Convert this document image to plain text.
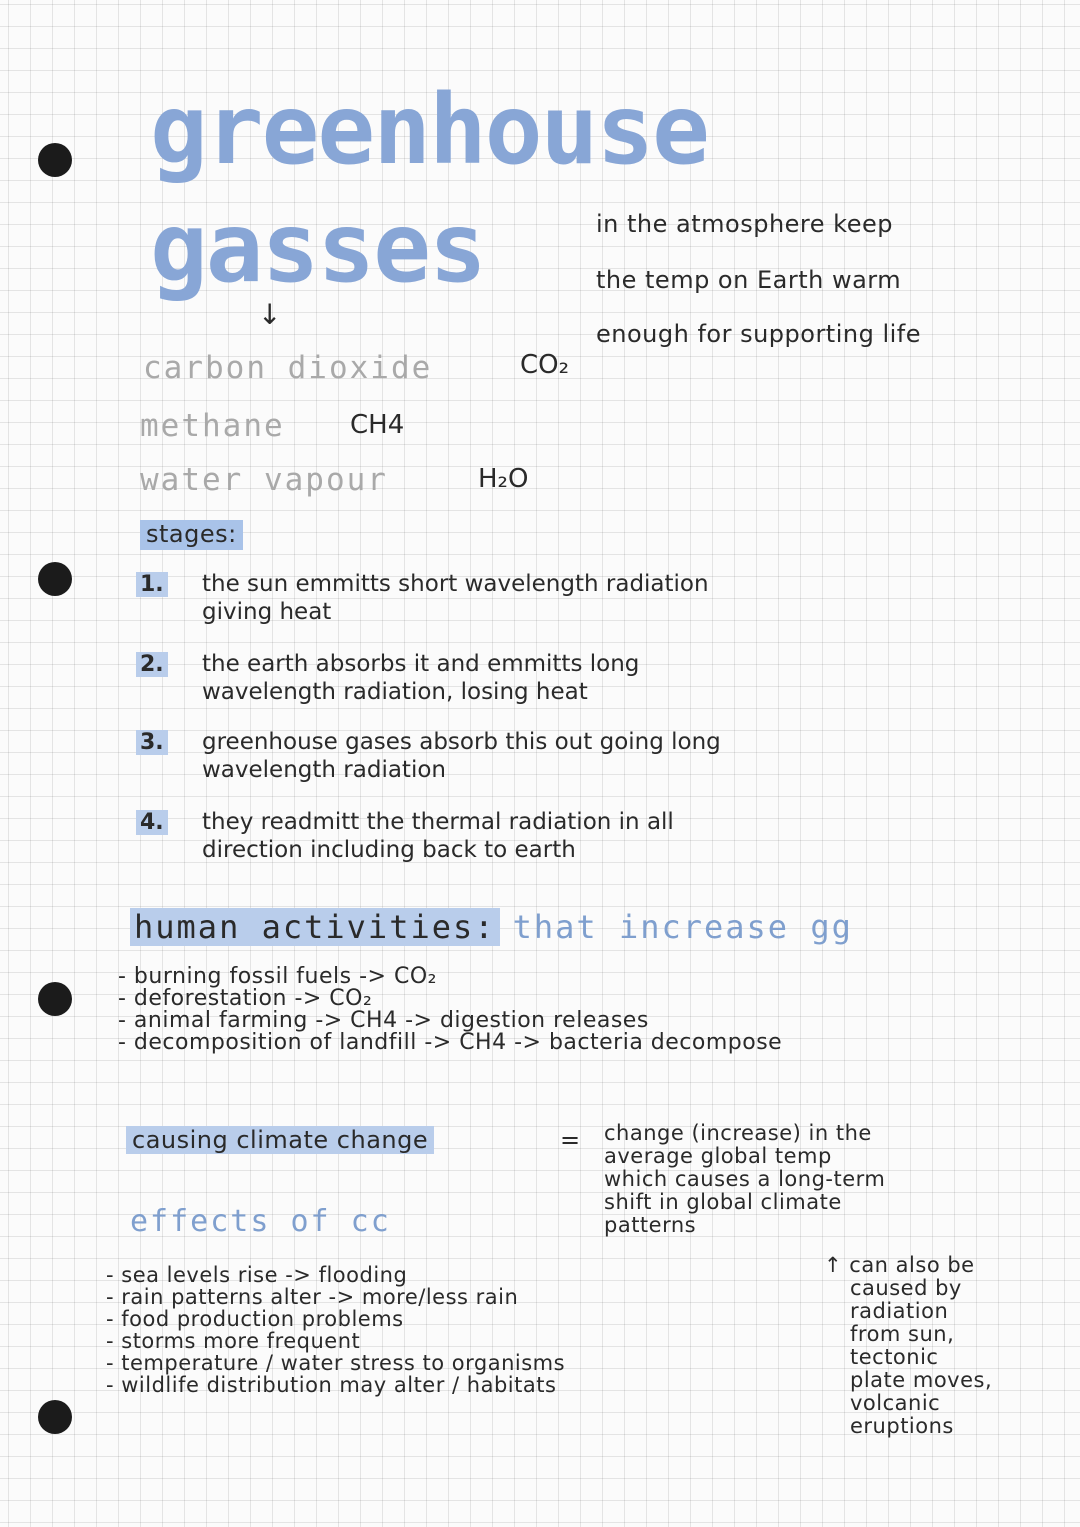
greenhouse
gasses
↓
in the atmosphere keep
the temp on Earth warm
enough for supporting life
carbon dioxide	CO₂
methane	CH4
water vapour	H₂O
stages:
1. the sun emmitts short wavelength radiation
giving heat
2. the earth absorbs it and emmitts long
wavelength radiation, losing heat
3. greenhouse gases absorb this out going long
wavelength radiation
4. they readmitt the thermal radiation in all
direction including back to earth
human activities: that increase gg
- burning fossil fuels -> CO₂
- deforestation -> CO₂
- animal farming -> CH4 -> digestion releases
- decomposition of landfill -> CH4 -> bacteria decompose
causing climate change	= change (increase) in the
average global temp
which causes a long-term
shift in global climate
patterns
effects of cc
- sea levels rise -> flooding
- rain patterns alter -> more/less rain
- food production problems
- storms more frequent
- temperature / water stress to organisms
- wildlife distribution may alter / habitats
↑ can also be
caused by
radiation
from sun,
tectonic
plate moves,
volcanic
eruptions
